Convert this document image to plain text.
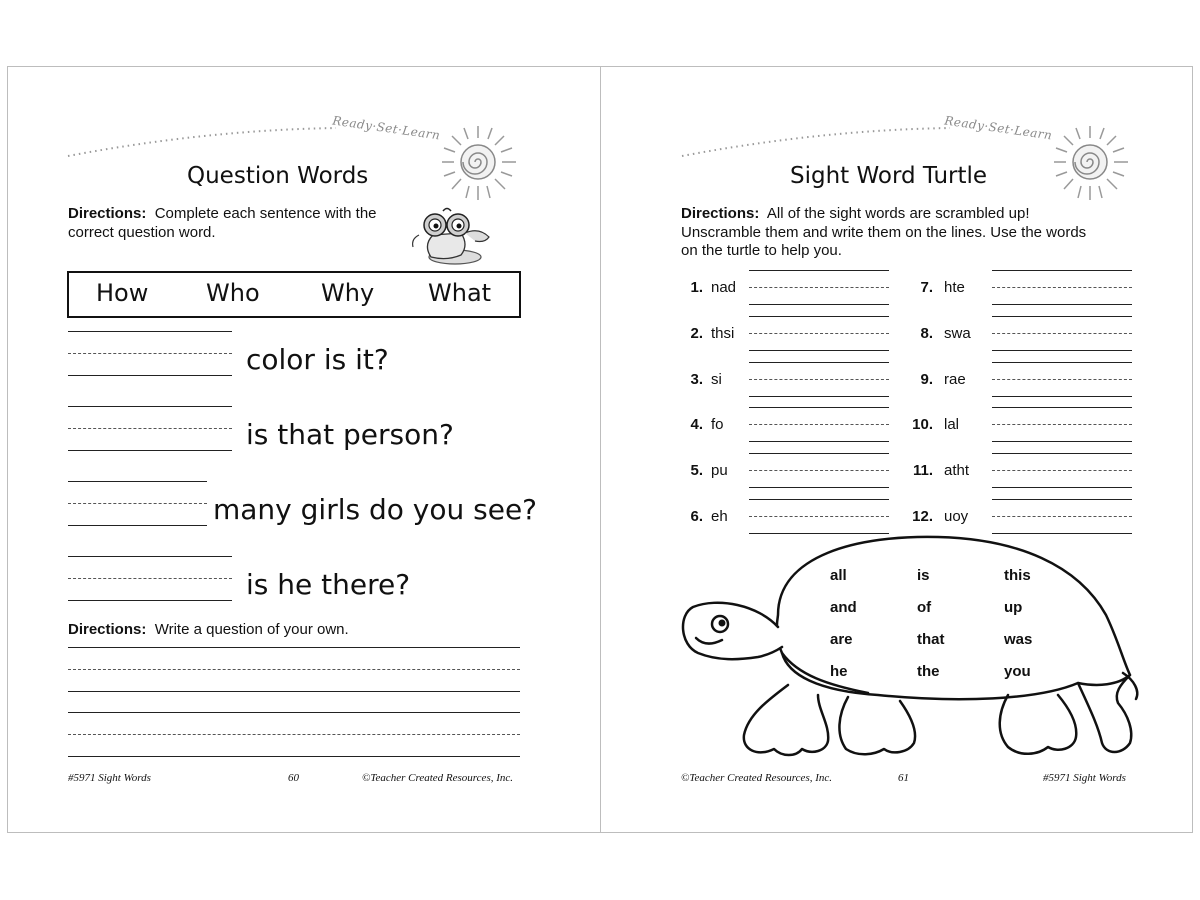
Ready·Set·Learn
Question Words
Directions: Complete each sentence with the correct question word.
How Who	Why What
color is it?
is that person?
many girls do you see?
is he there?
Directions: Write a question of your own.
#5971 Sight Words	60	©Teacher Created Resources, Inc.
Ready·Set·Learn
Sight Word Turtle
Directions: All of the sight words are scrambled up! Unscramble them and write them on the lines. Use the words on the turtle to help you.
1. nad
2. thsi
3. si
4. fo
5. pu
6. eh
7. hte
8. swa
9. rae
10. lal
11. atht
12. uoy
all	is	this
and	of	up
are	that	was
he	the	you
©Teacher Created Resources, Inc.	61	#5971 Sight Words
